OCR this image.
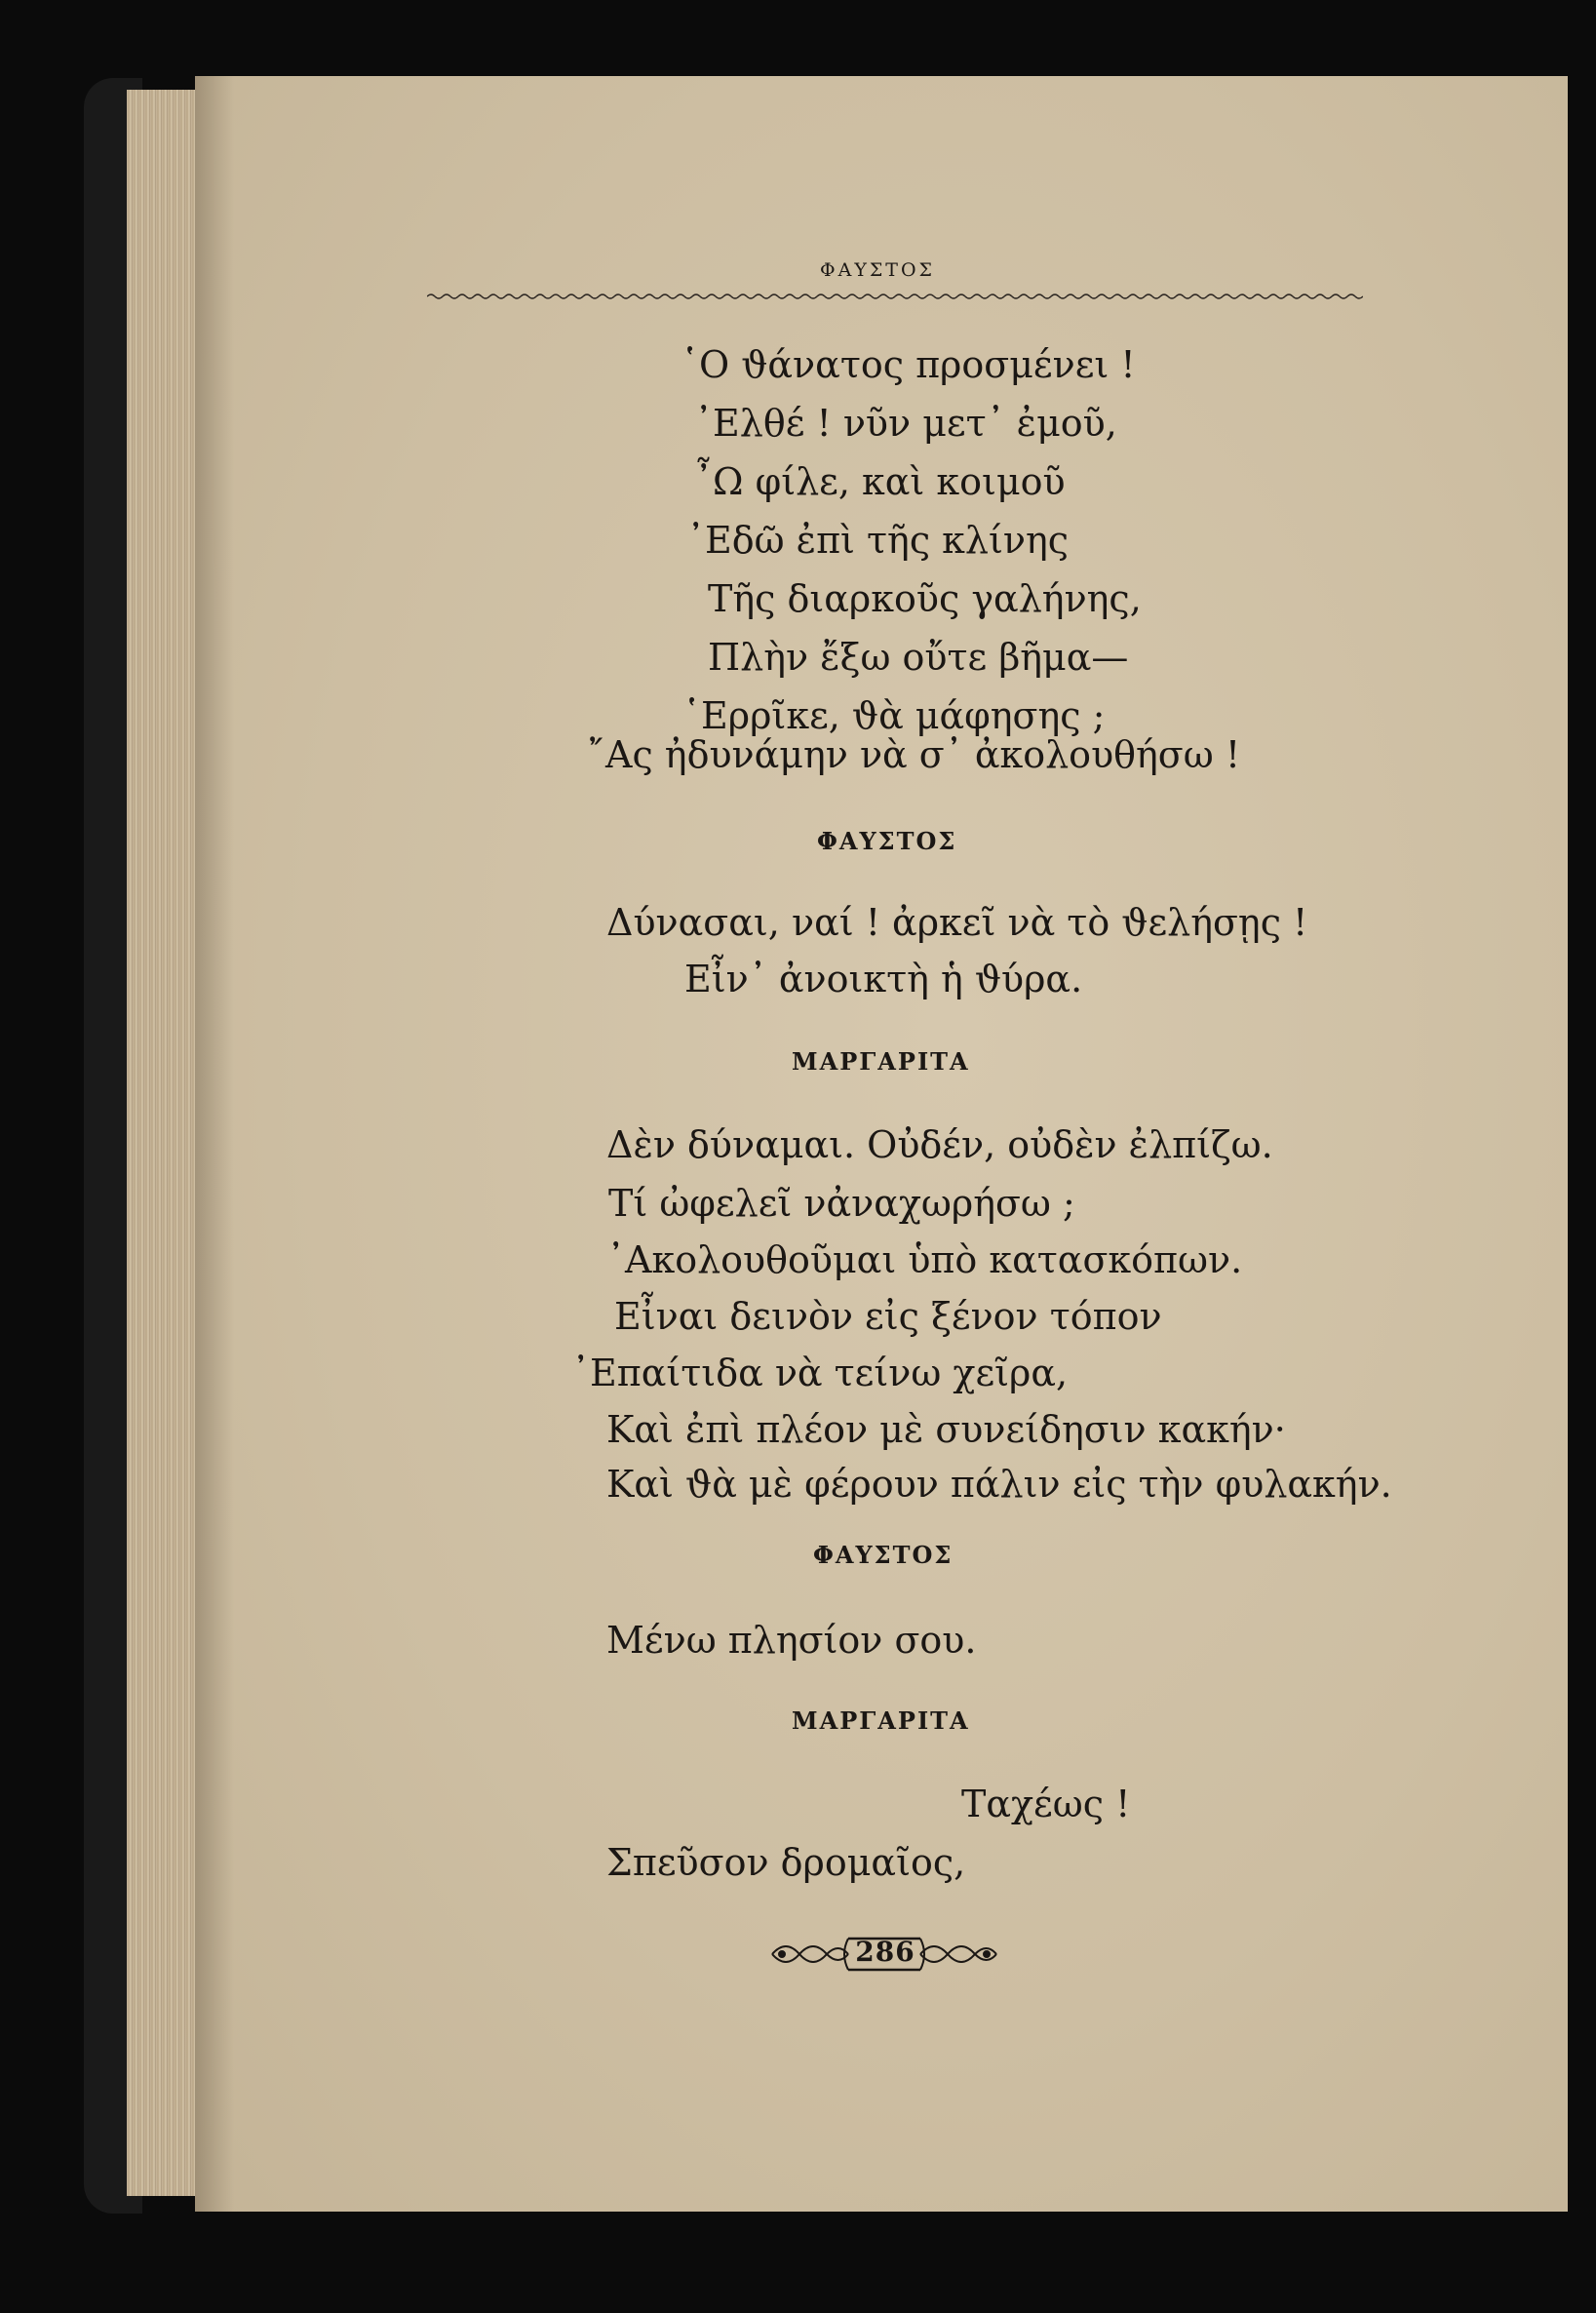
ΦΑΥΣΤΟΣ
῾Ο ϑάνατος προσμένει !
᾿Ελθέ ! νῦν μετ᾿ ἐμοῦ,
῏Ω φίλε, καὶ κοιμοῦ
᾿Εδῶ ἐπὶ τῆς κλίνης
Τῆς διαρκοῦς γαλήνης,
Πλὴν ἔξω οὔτε βῆμα—
῾Ερρῖκε, ϑὰ μάφησης ;
῎Ας ἠδυνάμην νὰ σ᾿ ἀκολουθήσω !
ΦΑΥΣΤΟΣ
Δύνασαι, ναί ! ἀρκεῖ νὰ τὸ ϑελήσῃς !
Εἶν᾿ ἀνοικτὴ ἡ ϑύρα.
ΜΑΡΓΑΡΙΤΑ
Δὲν δύναμαι. Οὐδέν, οὐδὲν ἐλπίζω.
Τί ὠφελεῖ νἀναχωρήσω ;
᾿Ακολουθοῦμαι ὑπὸ κατασκόπων.
Εἶναι δεινὸν εἰς ξένον τόπον
᾿Επαίτιδα νὰ τείνω χεῖρα,
Καὶ ἐπὶ πλέον μὲ συνείδησιν κακήν·
Καὶ ϑὰ μὲ φέρουν πάλιν εἰς τὴν φυλακήν.
ΦΑΥΣΤΟΣ
Μένω πλησίον σου.
ΜΑΡΓΑΡΙΤΑ
Ταχέως !
Σπεῦσον δρομαῖος,
286
